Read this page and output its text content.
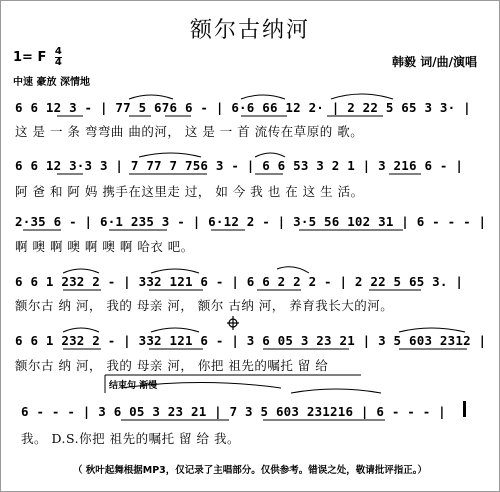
额尔古纳河
1= F $\frac{4}{4}$
中速 豪放 深情地
韩毅 词/曲/演唱
6 6 12 3 - | 77 5 676 6 - | 6·6 66 12 2· | 2 22 5 65 3 3· |
这 是 一 条 弯弯曲 曲的河， 这 是 一 首 流传在草原的 歌。
6 6 12 3·3 3 | 7 77 7 756 3 - | 6 6 53 3 2 1 | 3 216 6 - |
阿 爸 和 阿 妈 携手在这里走 过， 如 今 我 也 在 这 生 活。
2·35 6 - | 6·1 235 3 - | 6·12 2 - | 3·5 56 102 31 | 6 - - - |
啊 噢 啊 噢 啊 噢 啊 哈衣 吧。
6 6 1 232 2 - | 332 121 6 - | 6 6 2 2 2 - | 2 22 5 65 3. |
额尔古 纳 河， 我的 母亲 河， 额尔 古纳 河， 养育我长大的河。
6 6 1 232 2 - | 332 121 6 - | 3 6 05 3 23 21 | 3 5 603 2312 |
额尔古 纳 河， 我的 母亲 河， 你把 祖先的嘱托 留 给
结束句 渐慢
6 - - - | 3 6 05 3 23 21 | 7 3 5 603 231216 | 6 - - - |
我。 D.S.你把 祖先的嘱托 留 给 我。
（ 秋叶起舞根据MP3，仅记录了主唱部分。仅供参考。错误之处，敬请批评指正。）
